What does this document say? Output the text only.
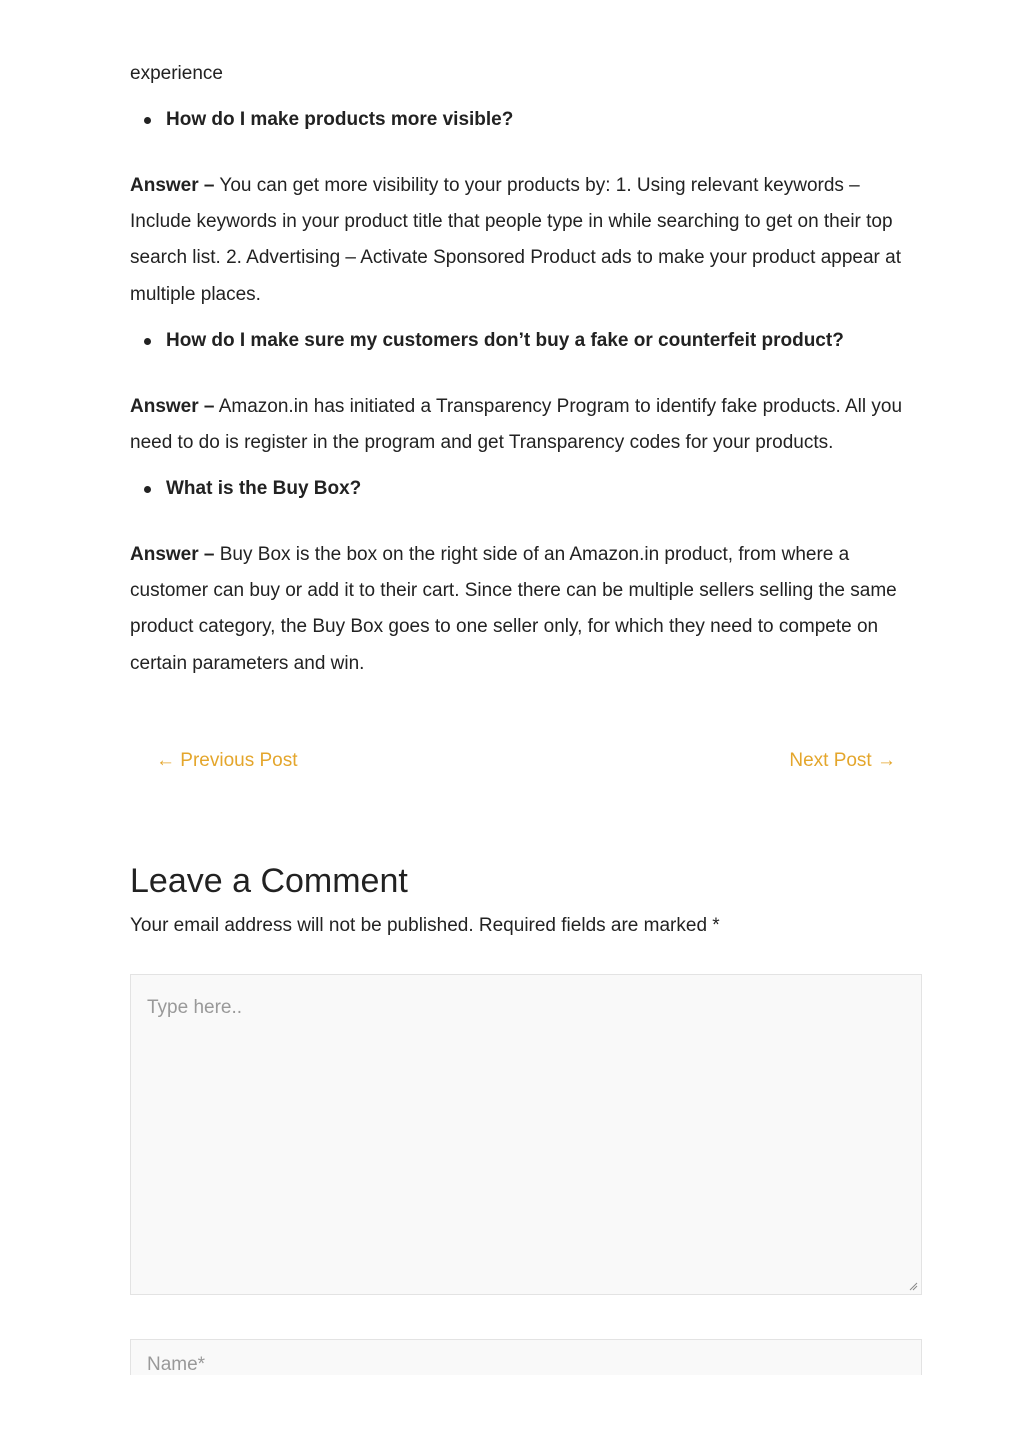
experience
How do I make products more visible?
Answer – You can get more visibility to your products by: 1. Using relevant keywords – Include keywords in your product title that people type in while searching to get on their top search list. 2. Advertising – Activate Sponsored Product ads to make your product appear at multiple places.
How do I make sure my customers don’t buy a fake or counterfeit product?
Answer – Amazon.in has initiated a Transparency Program to identify fake products. All you need to do is register in the program and get Transparency codes for your products.
What is the Buy Box?
Answer – Buy Box is the box on the right side of an Amazon.in product, from where a customer can buy or add it to their cart. Since there can be multiple sellers selling the same product category, the Buy Box goes to one seller only, for which they need to compete on certain parameters and win.
← Previous Post	Next Post →
Leave a Comment
Your email address will not be published. Required fields are marked *
Type here..
Name*
